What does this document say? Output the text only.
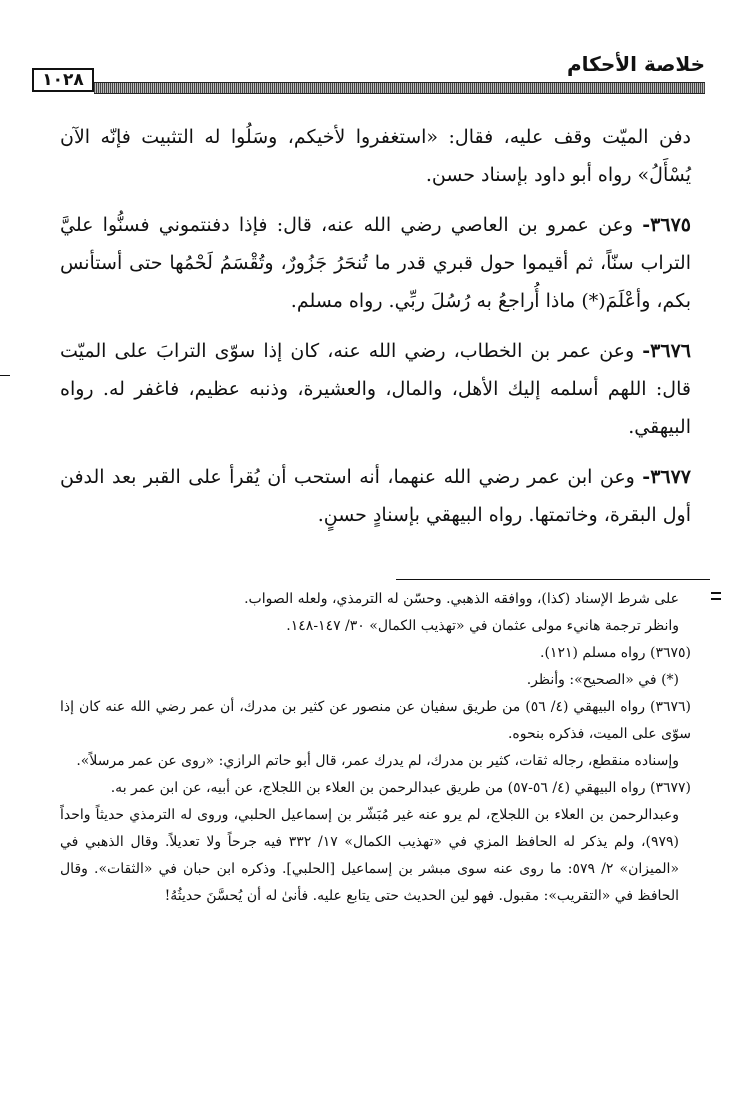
خلاصة الأحكام
١٠٢٨

دفن الميّت وقف عليه، فقال: «استغفروا لأخيكم، وسَلُوا له التثبيت فإنّه الآن يُسْأَلُ» رواه أبو داود بإسناد حسن.

٣٦٧٥- وعن عمرو بن العاصي رضي الله عنه، قال: فإذا دفنتموني فسنُّوا عليَّ التراب سنّاً، ثم أقيموا حول قبري قدر ما تُنحَرُ جَزُورٌ، وتُقْسَمُ لَحْمُها حتى أستأنس بكم، وأعْلَمَ(*) ماذا أُراجعُ به رُسُلَ ربِّي. رواه مسلم.

٣٦٧٦- وعن عمر بن الخطاب، رضي الله عنه، كان إذا سوّى الترابَ على الميّت قال: اللهم أسلمه إليك الأهل، والمال، والعشيرة، وذنبه عظيم، فاغفر له. رواه البيهقي.

٣٦٧٧- وعن ابن عمر رضي الله عنهما، أنه استحب أن يُقرأ على القبر بعد الدفن أول البقرة، وخاتمتها. رواه البيهقي بإسنادٍ حسنٍ.

على شرط الإسناد (كذا)، ووافقه الذهبي. وحسّن له الترمذي، ولعله الصواب.

وانظر ترجمة هانيء مولى عثمان في «تهذيب الكمال» ٣٠/ ١٤٧-١٤٨.

(٣٦٧٥) رواه مسلم (١٢١).

(*) في «الصحيح»: وأنظر.

(٣٦٧٦) رواه البيهقي (٤/ ٥٦) من طريق سفيان عن منصور عن كثير بن مدرك، أن عمر رضي الله عنه كان إذا سوّى على الميت، فذكره بنحوه.

وإسناده منقطع، رجاله ثقات، كثير بن مدرك، لم يدرك عمر، قال أبو حاتم الرازي: «روى عن عمر مرسلاً».

(٣٦٧٧) رواه البيهقي (٤/ ٥٦-٥٧) من طريق عبدالرحمن بن العلاء بن اللجلاج، عن أبيه، عن ابن عمر به.

وعبدالرحمن بن العلاء بن اللجلاج، لم يرو عنه غير مُبَشّر بن إسماعيل الحلبي، وروى له الترمذي حديثاً واحداً (٩٧٩)، ولم يذكر له الحافظ المزي في «تهذيب الكمال» ١٧/ ٣٣٢ فيه جرحاً ولا تعديلاً. وقال الذهبي في «الميزان» ٢/ ٥٧٩: ما روى عنه سوى مبشر بن إسماعيل [الحلبي]. وذكره ابن حبان في «الثقات». وقال الحافظ في «التقريب»: مقبول. فهو لين الحديث حتى يتابع عليه. فأنىٰ له أن يُحسَّنَ حديثُهُ!
